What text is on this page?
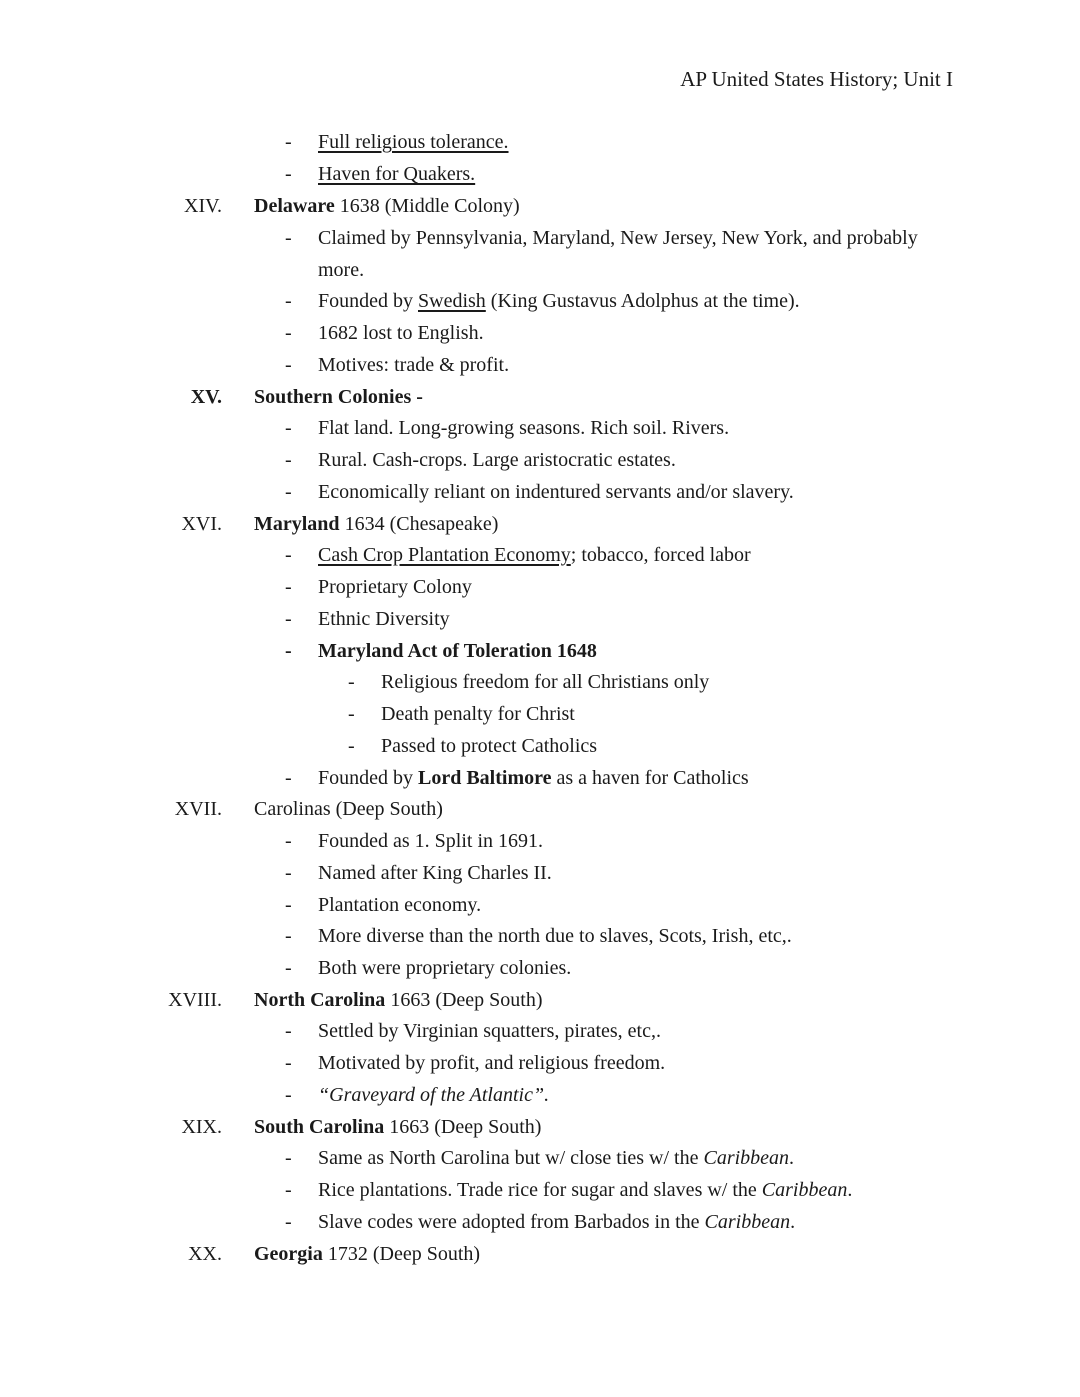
AP United States History; Unit I
- Full religious tolerance.
- Haven for Quakers.
XIV. Delaware 1638 (Middle Colony)
- Claimed by Pennsylvania, Maryland, New Jersey, New York, and probably
more.
- Founded by Swedish (King Gustavus Adolphus at the time).
- 1682 lost to English.
- Motives: trade & profit.
XV. Southern Colonies -
- Flat land. Long-growing seasons. Rich soil. Rivers.
- Rural. Cash-crops. Large aristocratic estates.
- Economically reliant on indentured servants and/or slavery.
XVI. Maryland 1634 (Chesapeake)
- Cash Crop Plantation Economy; tobacco, forced labor
- Proprietary Colony
- Ethnic Diversity
- Maryland Act of Toleration 1648
- Religious freedom for all Christians only
- Death penalty for Christ
- Passed to protect Catholics
- Founded by Lord Baltimore as a haven for Catholics
XVII. Carolinas (Deep South)
- Founded as 1. Split in 1691.
- Named after King Charles II.
- Plantation economy.
- More diverse than the north due to slaves, Scots, Irish, etc,.
- Both were proprietary colonies.
XVIII. North Carolina 1663 (Deep South)
- Settled by Virginian squatters, pirates, etc,.
- Motivated by profit, and religious freedom.
- “Graveyard of the Atlantic”.
XIX. South Carolina 1663 (Deep South)
- Same as North Carolina but w/ close ties w/ the Caribbean.
- Rice plantations. Trade rice for sugar and slaves w/ the Caribbean.
- Slave codes were adopted from Barbados in the Caribbean.
XX. Georgia 1732 (Deep South)
